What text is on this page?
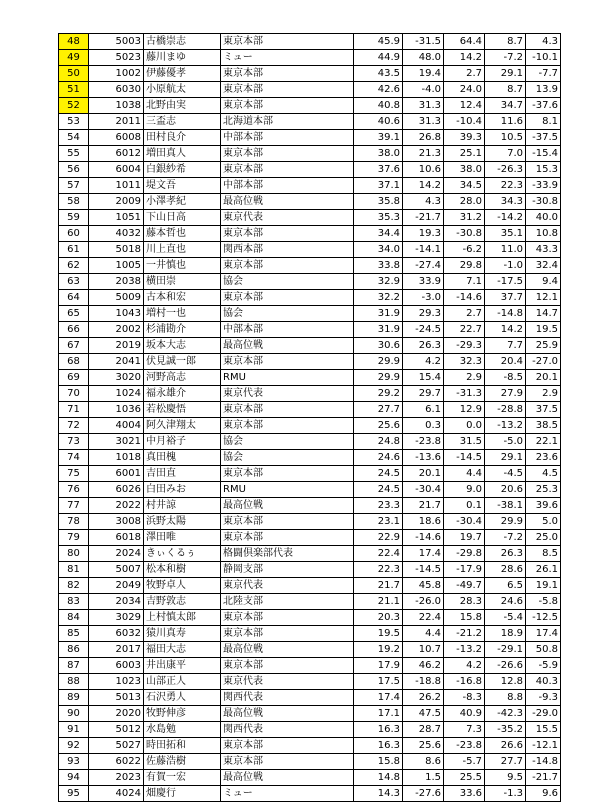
48	5003	古橋崇志	東京本部	45.9	-31.5	64.4	8.7	4.3
49	5023	藤川まゆ	ミュー	44.9	48.0	14.2	-7.2	-10.1
50	1002	伊藤優孝	東京本部	43.5	19.4	2.7	29.1	-7.7
51	6030	小原航太	東京本部	42.6	-4.0	24.0	8.7	13.9
52	1038	北野由実	東京本部	40.8	31.3	12.4	34.7	-37.6
53	2011	三盃志	北海道本部	40.6	31.3	-10.4	11.6	8.1
54	6008	田村良介	中部本部	39.1	26.8	39.3	10.5	-37.5
55	6012	増田真人	東京本部	38.0	21.3	25.1	7.0	-15.4
56	6004	白銀紗希	東京本部	37.6	10.6	38.0	-26.3	15.3
57	1011	堤文吾	中部本部	37.1	14.2	34.5	22.3	-33.9
58	2009	小澤孝紀	最高位戦	35.8	4.3	28.0	34.3	-30.8
59	1051	下山日高	東京代表	35.3	-21.7	31.2	-14.2	40.0
60	4032	藤本哲也	東京本部	34.4	19.3	-30.8	35.1	10.8
61	5018	川上直也	関西本部	34.0	-14.1	-6.2	11.0	43.3
62	1005	一井慎也	東京本部	33.8	-27.4	29.8	-1.0	32.4
63	2038	横田崇	協会	32.9	33.9	7.1	-17.5	9.4
64	5009	古本和宏	東京本部	32.2	-3.0	-14.6	37.7	12.1
65	1043	増村一也	協会	31.9	29.3	2.7	-14.8	14.7
66	2002	杉浦勘介	中部本部	31.9	-24.5	22.7	14.2	19.5
67	2019	坂本大志	最高位戦	30.6	26.3	-29.3	7.7	25.9
68	2041	伏見誠一郎	東京本部	29.9	4.2	32.3	20.4	-27.0
69	3020	河野高志	RMU	29.9	15.4	2.9	-8.5	20.1
70	1024	福永雄介	東京代表	29.2	29.7	-31.3	27.9	2.9
71	1036	若松慶悟	東京本部	27.7	6.1	12.9	-28.8	37.5
72	4004	阿久津翔太	東京本部	25.6	0.3	0.0	-13.2	38.5
73	3021	中月裕子	協会	24.8	-23.8	31.5	-5.0	22.1
74	1018	真田槐	協会	24.6	-13.6	-14.5	29.1	23.6
75	6001	吉田直	東京本部	24.5	20.1	4.4	-4.5	4.5
76	6026	白田みお	RMU	24.5	-30.4	9.0	20.6	25.3
77	2022	村井諒	最高位戦	23.3	21.7	0.1	-38.1	39.6
78	3008	浜野太陽	東京本部	23.1	18.6	-30.4	29.9	5.0
79	6018	澤田唯	東京本部	22.9	-14.6	19.7	-7.2	25.0
80	2024	きぃくるぅ	格闘倶楽部代表	22.4	17.4	-29.8	26.3	8.5
81	5007	松本和樹	静岡支部	22.3	-14.5	-17.9	28.6	26.1
82	2049	牧野卓人	東京代表	21.7	45.8	-49.7	6.5	19.1
83	2034	吉野敦志	北陸支部	21.1	-26.0	28.3	24.6	-5.8
84	3029	上村慎太郎	東京本部	20.3	22.4	15.8	-5.4	-12.5
85	6032	猿川真寿	東京本部	19.5	4.4	-21.2	18.9	17.4
86	2017	福田大志	最高位戦	19.2	10.7	-13.2	-29.1	50.8
87	6003	井出康平	東京本部	17.9	46.2	4.2	-26.6	-5.9
88	1023	山部正人	東京代表	17.5	-18.8	-16.8	12.8	40.3
89	5013	石沢勇人	関西代表	17.4	26.2	-8.3	8.8	-9.3
90	2020	牧野伸彦	最高位戦	17.1	47.5	40.9	-42.3	-29.0
91	5012	水島勉	関西代表	16.3	28.7	7.3	-35.2	15.5
92	5027	時田拓和	東京本部	16.3	25.6	-23.8	26.6	-12.1
93	6022	佐藤浩樹	東京本部	15.8	8.6	-5.7	27.7	-14.8
94	2023	有賀一宏	最高位戦	14.8	1.5	25.5	9.5	-21.7
95	4024	畑慶行	ミュー	14.3	-27.6	33.6	-1.3	9.6
